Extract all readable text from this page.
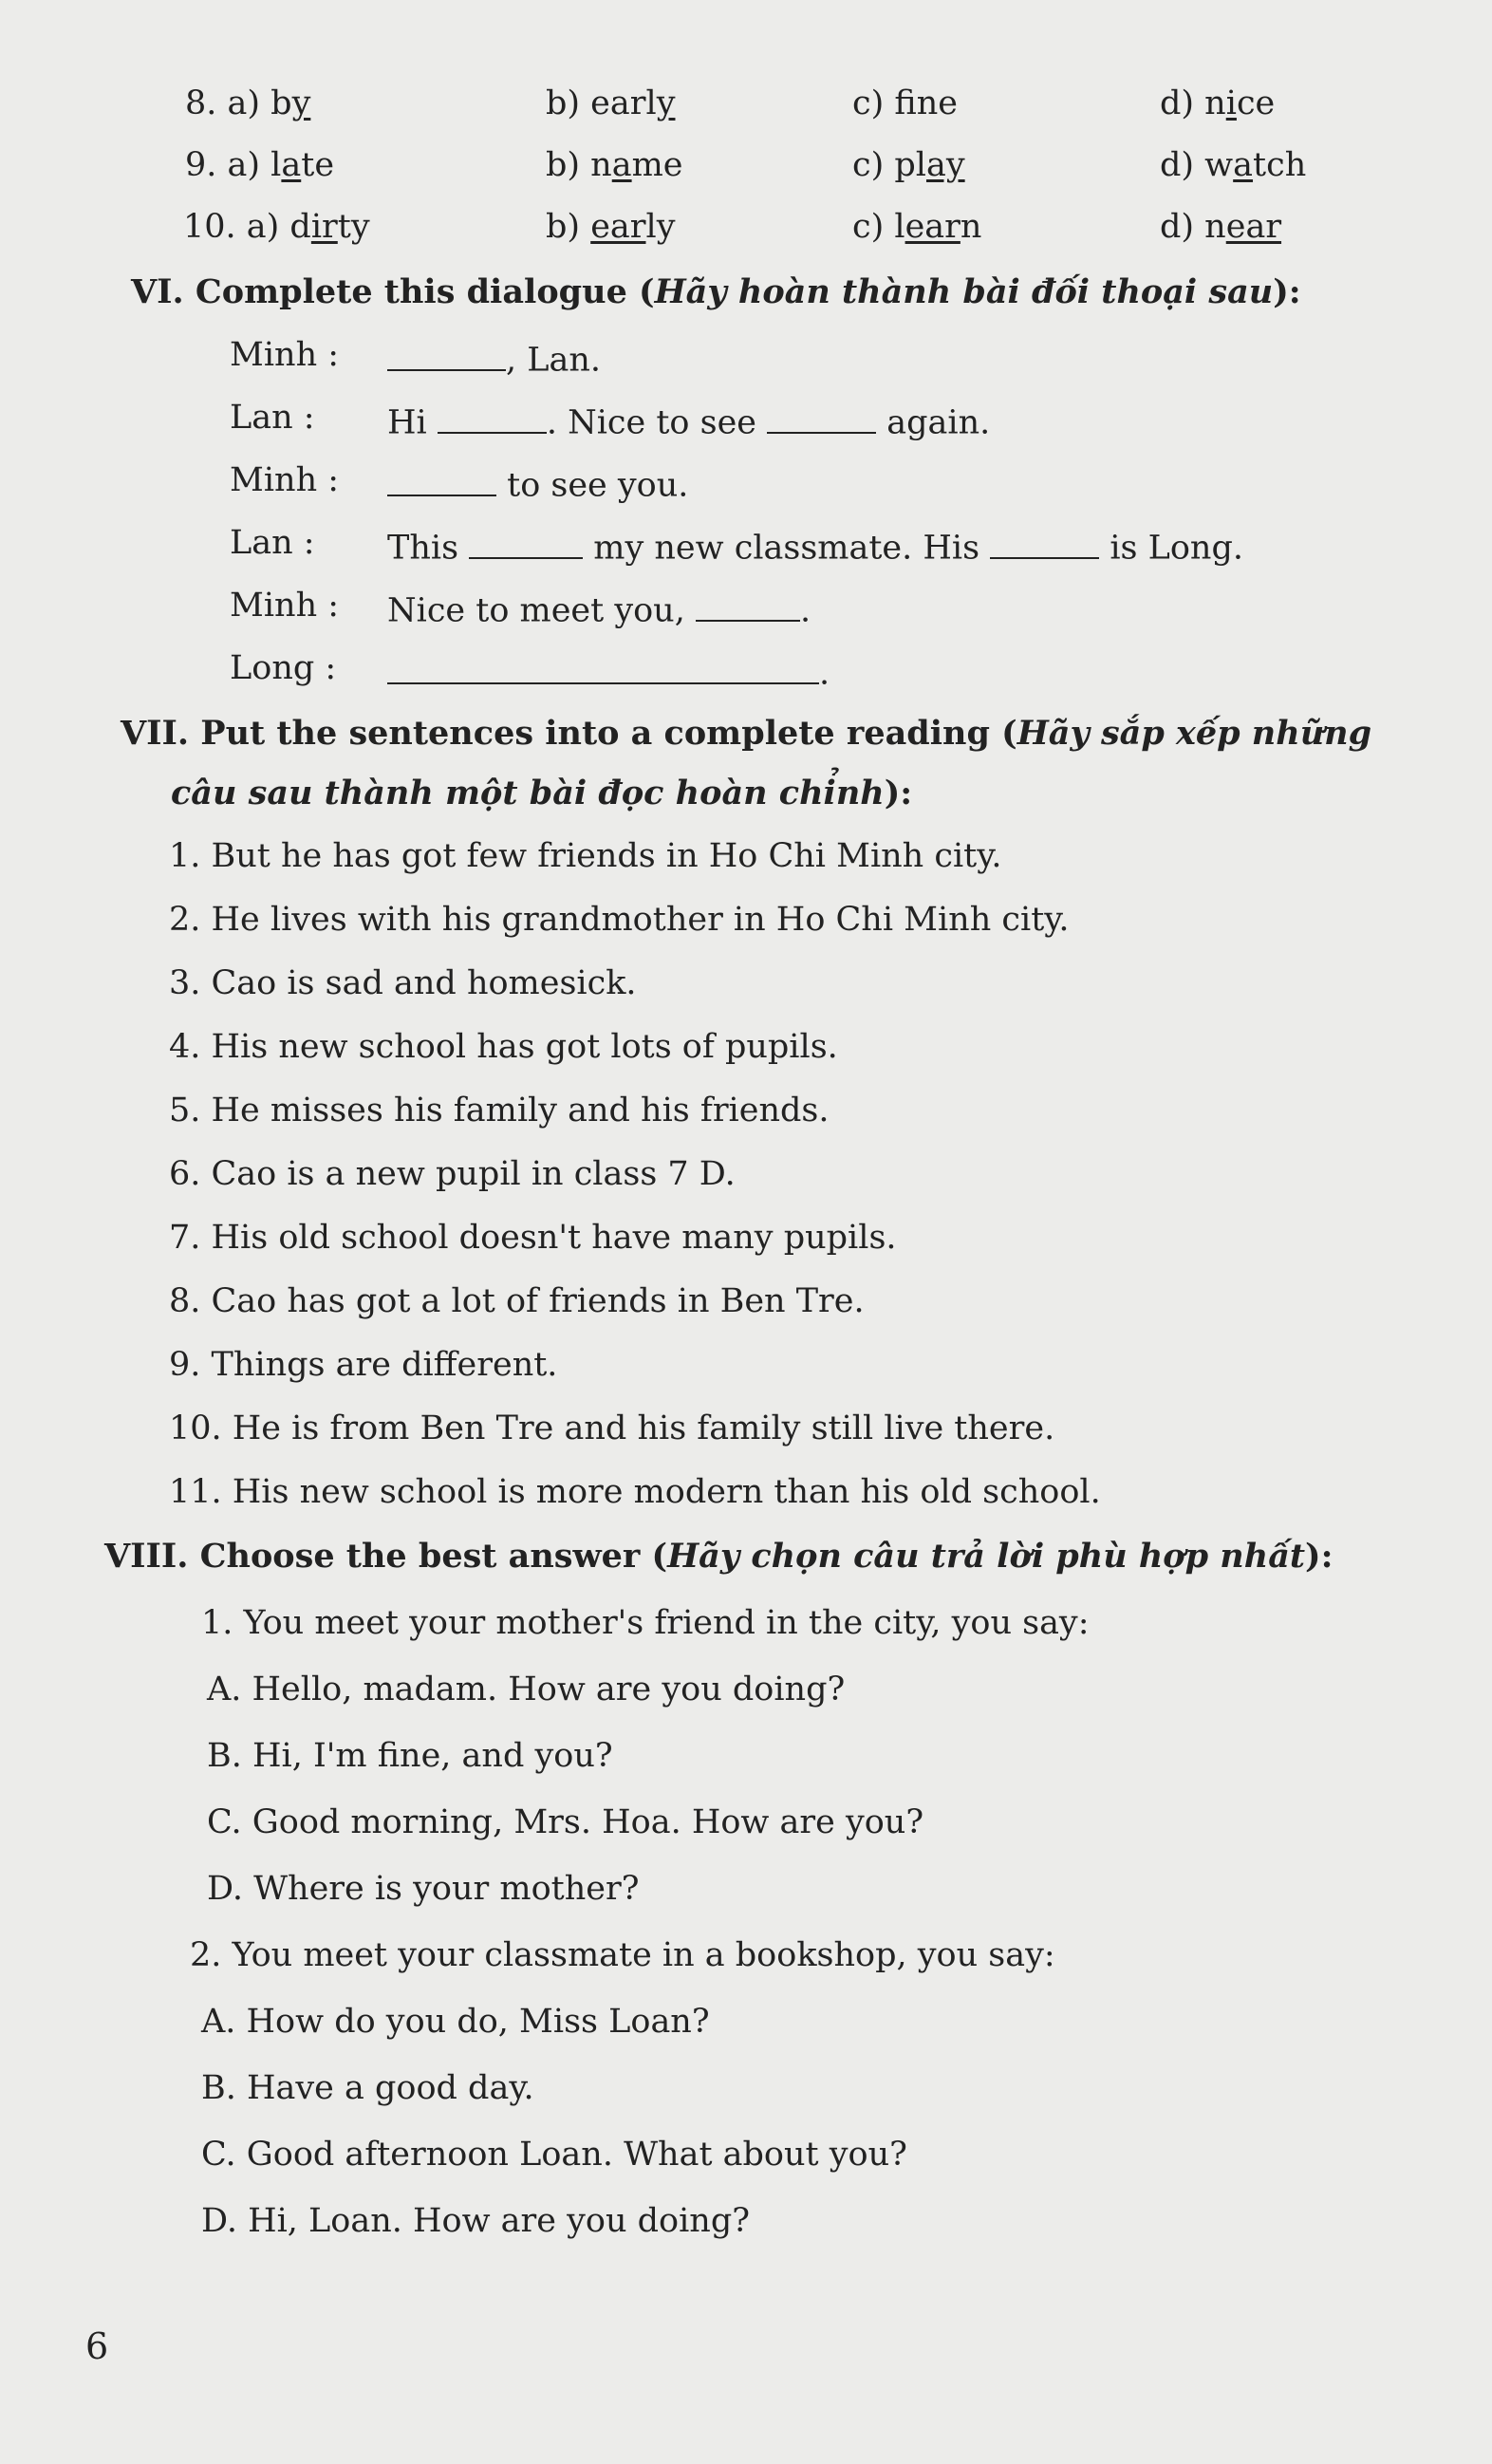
8. a) by	b) early	c) fne	d) nice
9. a) late	b) name	c) play	d) watch
10. a) dirty	b) early	c) learn	d) near
VI. Complete this dialogue (Hãy hoàn thành bài đối thoại sau):
Minh :	, Lan.
Lan : Hi	. Nice to see	again.
Minh :	to see you.
Lan : This	my new classmate. His	is Long.
Minh : Nice to meet you,	.
Long :	.
VII. Put the sentences into a complete reading (Hãy sắp xếp những
câu sau thành một bài đọc hoàn chỉnh):
1. But he has got few friends in Ho Chi Minh city.
2. He lives with his grandmother in Ho Chi Minh city.
3. Cao is sad and homesick.
4. His new school has got lots of pupils.
5. He misses his family and his friends.
6. Cao is a new pupil in class 7 D.
7. His old school doesn't have many pupils.
8. Cao has got a lot of friends in Ben Tre.
9. Things are different.
10. He is from Ben Tre and his family still live there.
11. His new school is more modern than his old school.
VIII. Choose the best answer (Hãy chọn câu trả lời phù hợp nhất):
1. You meet your mother's friend in the city, you say:
A. Hello, madam. How are you doing?
B. Hi, I'm fine, and you?
C. Good morning, Mrs. Hoa. How are you?
D. Where is your mother?
2. You meet your classmate in a bookshop, you say:
A. How do you do, Miss Loan?
B. Have a good day.
C. Good afternoon Loan. What about you?
D. Hi, Loan. How are you doing?
6
